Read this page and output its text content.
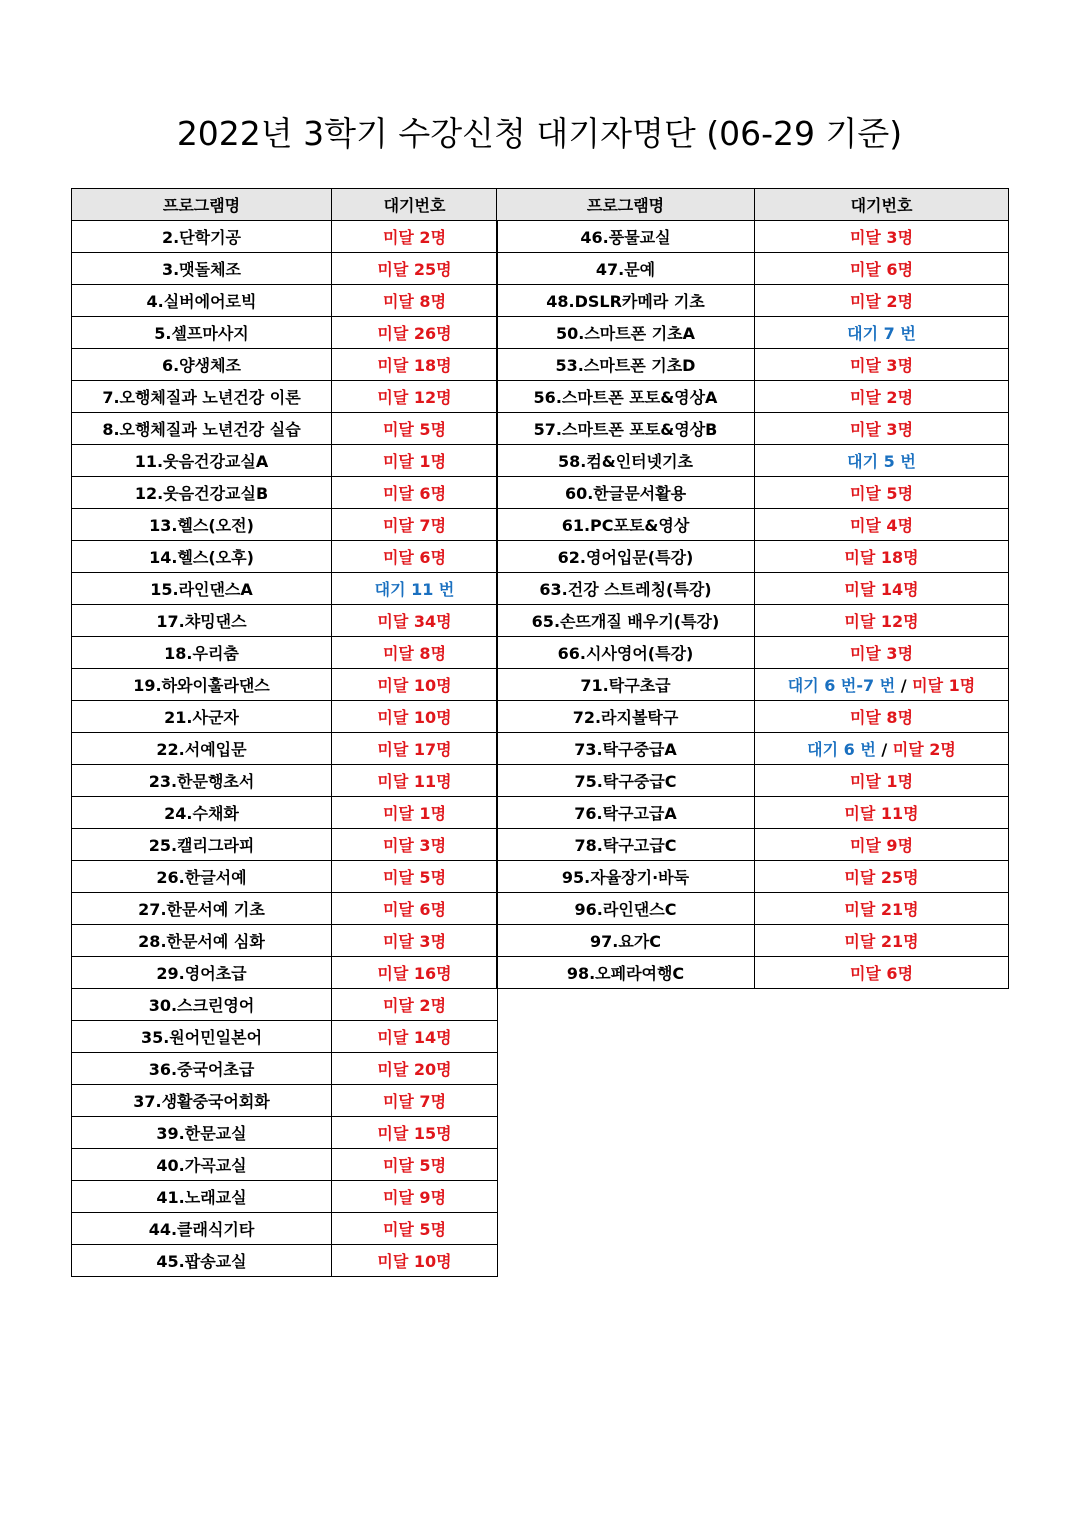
2022년 3학기 수강신청 대기자명단 (06-29 기준)
프로그램명	대기번호
2.단학기공	미달 2명
3.맷돌체조	미달 25명
4.실버에어로빅	미달 8명
5.셀프마사지	미달 26명
6.양생체조	미달 18명
7.오행체질과 노년건강 이론	미달 12명
8.오행체질과 노년건강 실습	미달 5명
11.웃음건강교실A	미달 1명
12.웃음건강교실B	미달 6명
13.헬스(오전)	미달 7명
14.헬스(오후)	미달 6명
15.라인댄스A	대기 11 번
17.챠밍댄스	미달 34명
18.우리춤	미달 8명
19.하와이훌라댄스	미달 10명
21.사군자	미달 10명
22.서예입문	미달 17명
23.한문행초서	미달 11명
24.수채화	미달 1명
25.캘리그라피	미달 3명
26.한글서예	미달 5명
27.한문서예 기초	미달 6명
28.한문서예 심화	미달 3명
29.영어초급	미달 16명
30.스크린영어	미달 2명
35.원어민일본어	미달 14명
36.중국어초급	미달 20명
37.생활중국어회화	미달 7명
39.한문교실	미달 15명
40.가곡교실	미달 5명
41.노래교실	미달 9명
44.클래식기타	미달 5명
45.팝송교실	미달 10명
프로그램명	대기번호
46.풍물교실	미달 3명
47.문예	미달 6명
48.DSLR카메라 기초	미달 2명
50.스마트폰 기초A	대기 7 번
53.스마트폰 기초D	미달 3명
56.스마트폰 포토&영상A	미달 2명
57.스마트폰 포토&영상B	미달 3명
58.컴&인터넷기초	대기 5 번
60.한글문서활용	미달 5명
61.PC포토&영상	미달 4명
62.영어입문(특강)	미달 18명
63.건강 스트레칭(특강)	미달 14명
65.손뜨개질 배우기(특강)	미달 12명
66.시사영어(특강)	미달 3명
71.탁구초급	대기 6 번-7 번 / 미달 1명
72.라지볼탁구	미달 8명
73.탁구중급A	대기 6 번 / 미달 2명
75.탁구중급C	미달 1명
76.탁구고급A	미달 11명
78.탁구고급C	미달 9명
95.자율장기·바둑	미달 25명
96.라인댄스C	미달 21명
97.요가C	미달 21명
98.오페라여행C	미달 6명
